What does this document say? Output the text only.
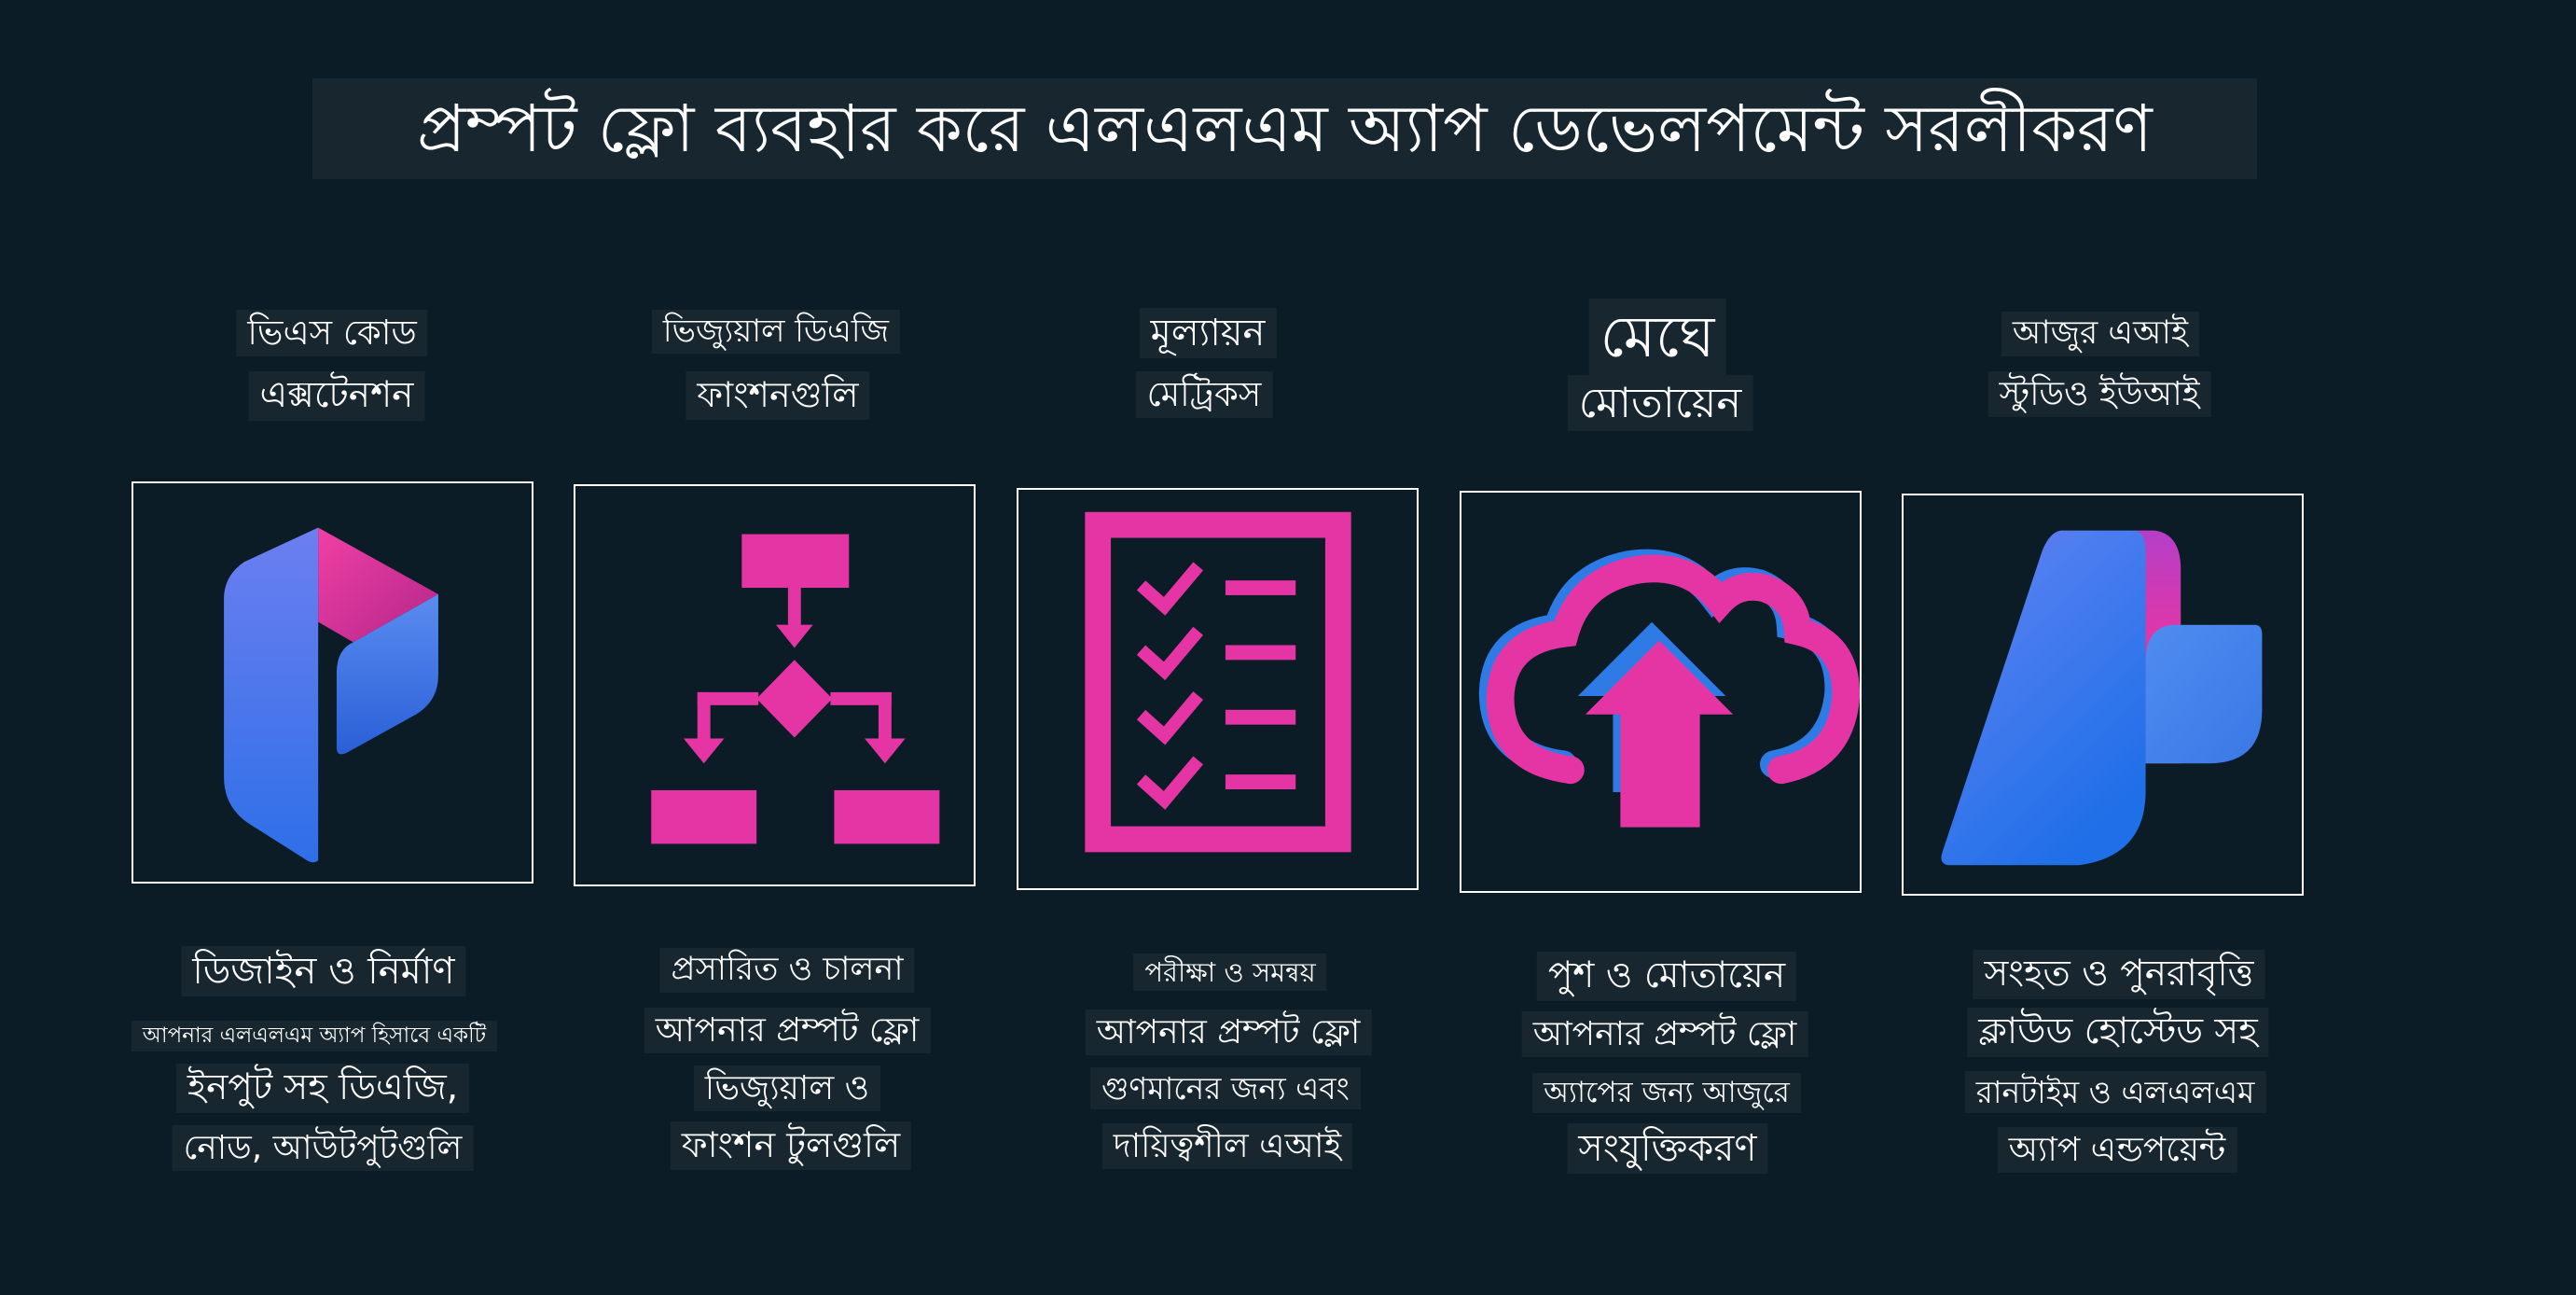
প্রম্পট ফ্লো ব্যবহার করে এলএলএম অ্যাপ ডেভেলপমেন্ট সরলীকরণ
ভিএস কোড
এক্সটেনশন
ভিজ্যুয়াল ডিএজি
ফাংশনগুলি
মূল্যায়ন
মেট্রিকস
মেঘে
মোতায়েন
আজুর এআই
স্টুডিও ইউআই
ডিজাইন ও নির্মাণ
আপনার এলএলএম অ্যাপ হিসাবে একটি
ইনপুট সহ ডিএজি,
নোড, আউটপুটগুলি
প্রসারিত ও চালনা
আপনার প্রম্পট ফ্লো
ভিজ্যুয়াল ও
ফাংশন টুলগুলি
পরীক্ষা ও সমন্বয়
আপনার প্রম্পট ফ্লো
গুণমানের জন্য এবং
দায়িত্বশীল এআই
পুশ ও মোতায়েন
আপনার প্রম্পট ফ্লো
অ্যাপের জন্য আজুরে
সংযুক্তিকরণ
সংহত ও পুনরাবৃত্তি
ক্লাউড হোস্টেড সহ
রানটাইম ও এলএলএম
অ্যাপ এন্ডপয়েন্ট
